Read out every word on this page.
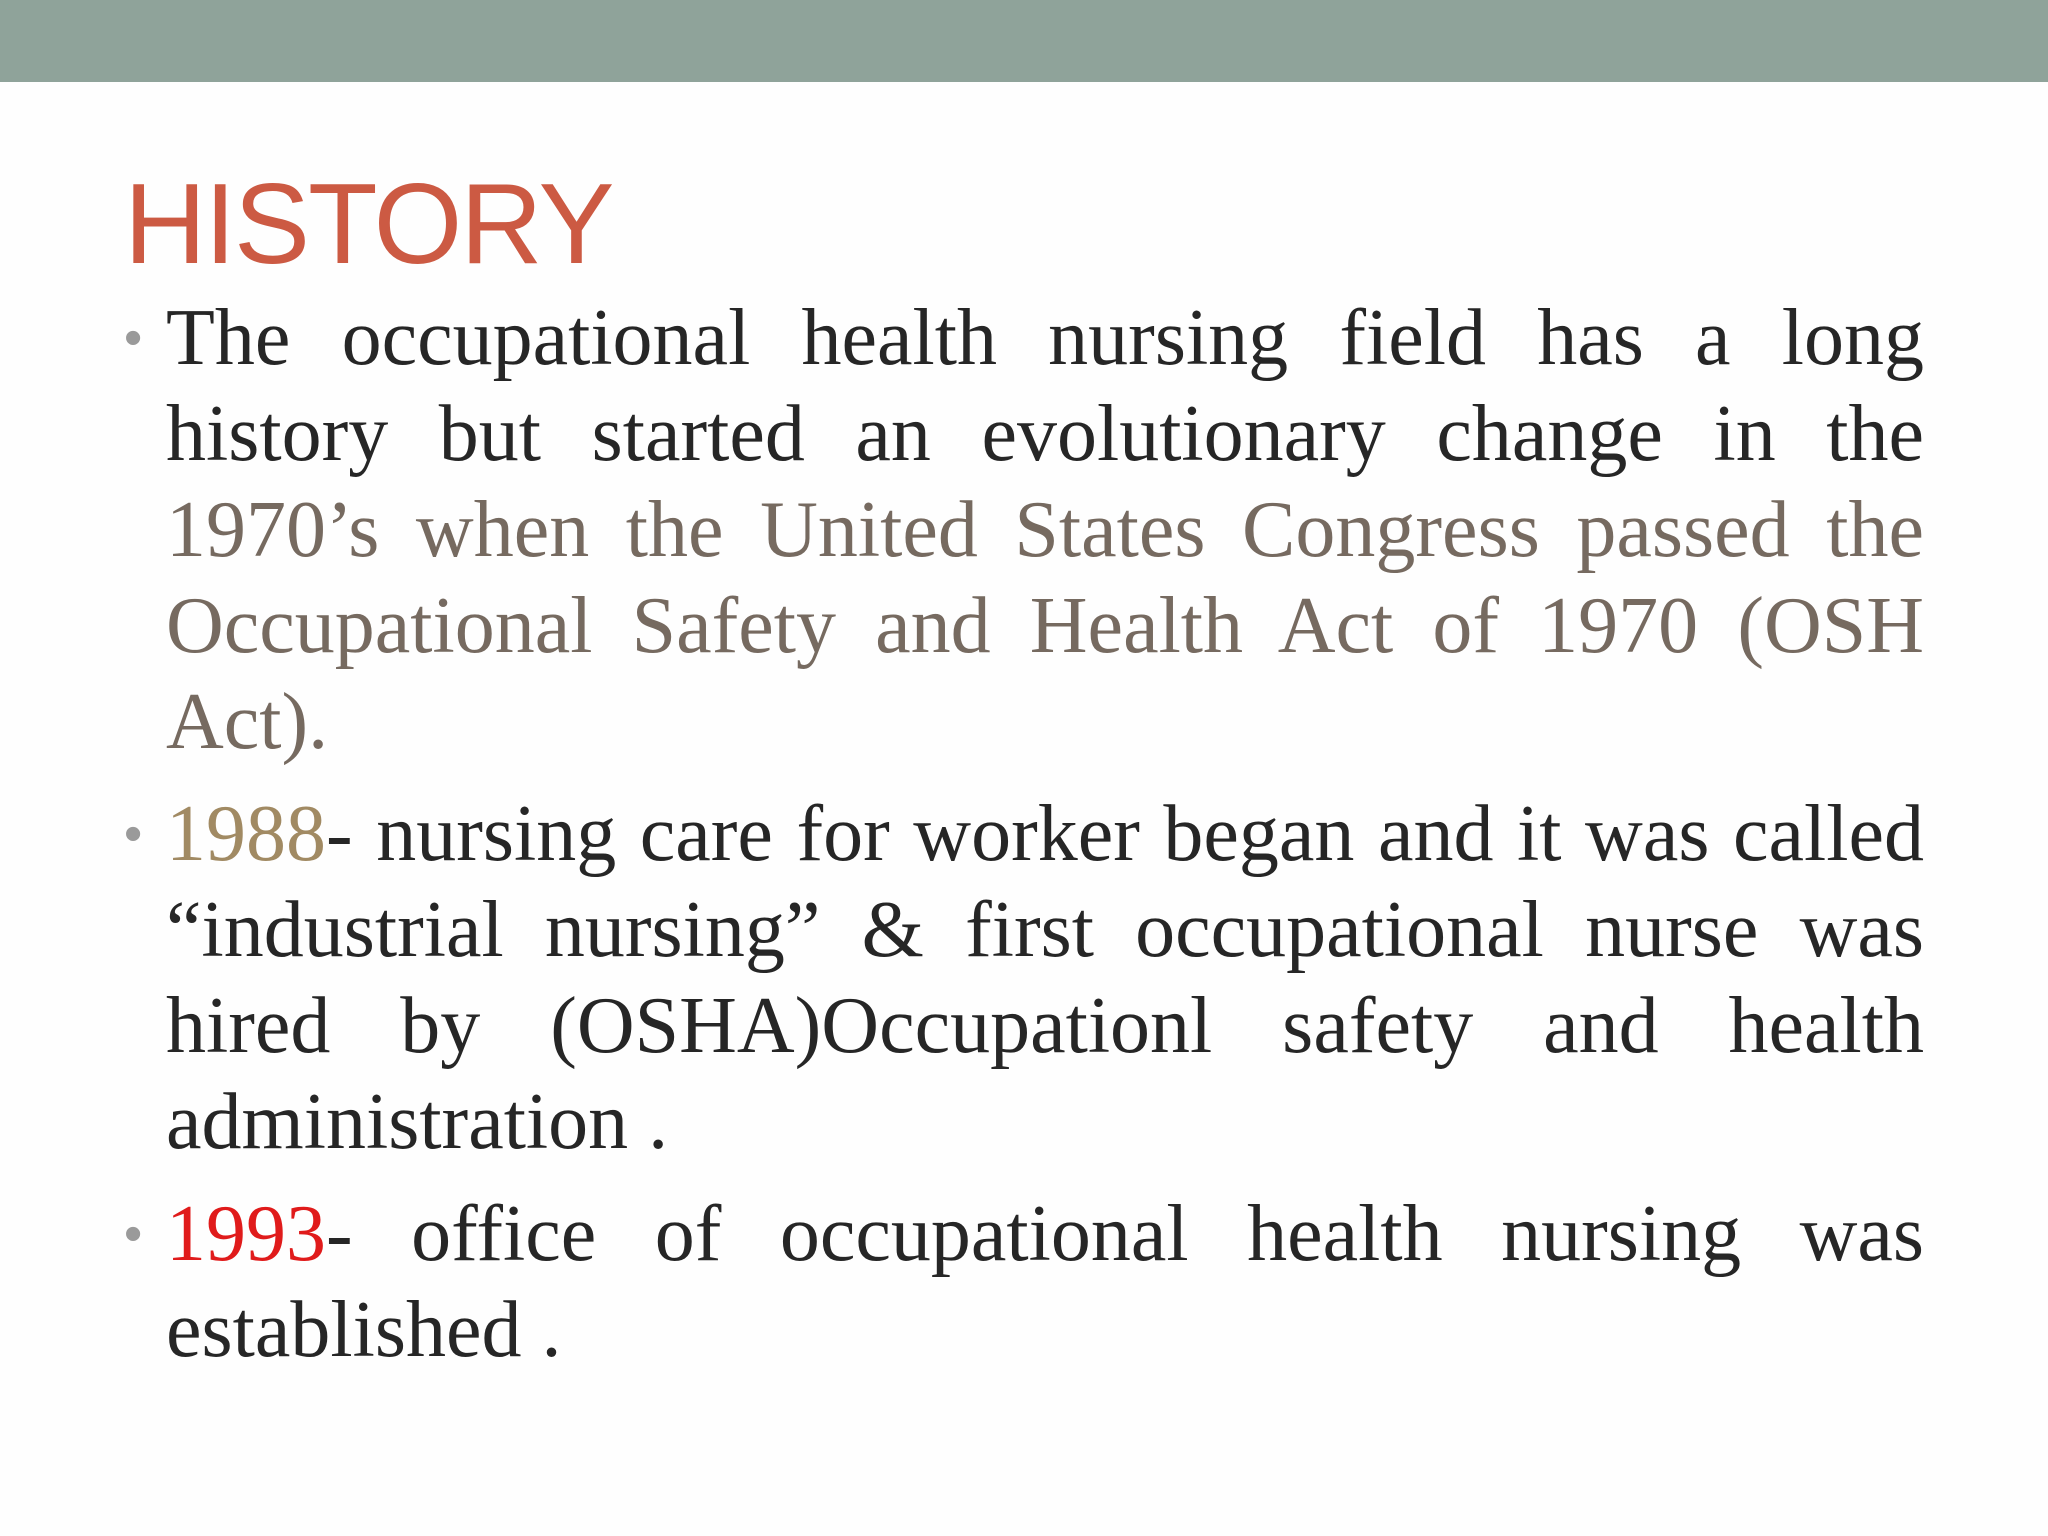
HISTORY
• The occupational health nursing field has a long history but started an evolutionary change in the 1970’s when the United States Congress passed the Occupational Safety and Health Act of 1970 (OSH Act).
• 1988- nursing care for worker began and it was called “industrial nursing” & first occupational nurse was hired by (OSHA)Occupationl safety and health administration .
• 1993- office of occupational health nursing was established .
